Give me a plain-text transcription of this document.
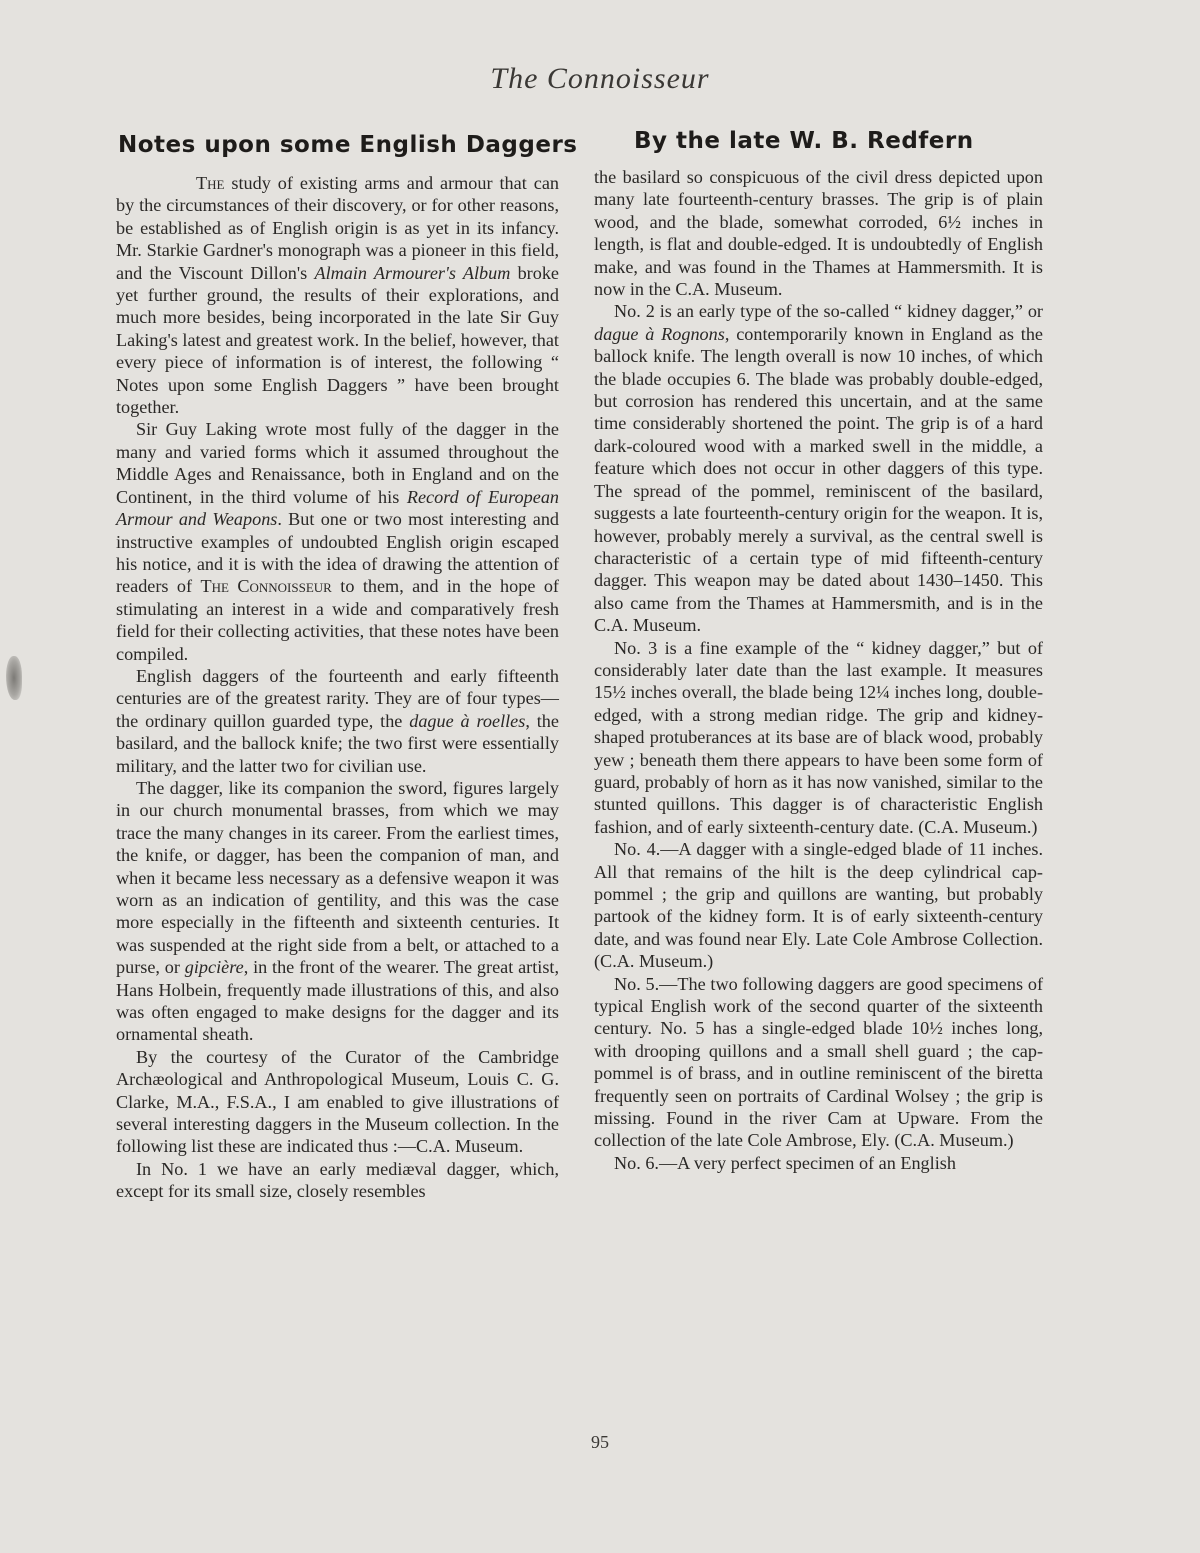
The Connoisseur
Notes upon some English Daggers By the late W. B. Redfern

The study of existing arms and armour that can by the circumstances of their discovery, or for other reasons, be established as of English origin is as yet in its infancy. Mr. Starkie Gardner's monograph was a pioneer in this field, and the Viscount Dillon's Almain Armourer's Album broke yet further ground, the results of their explorations, and much more besides, being incorporated in the late Sir Guy Laking's latest and greatest work. In the belief, however, that every piece of information is of interest, the following “ Notes upon some English Daggers ” have been brought together.

Sir Guy Laking wrote most fully of the dagger in the many and varied forms which it assumed throughout the Middle Ages and Renaissance, both in England and on the Continent, in the third volume of his Record of European Armour and Weapons. But one or two most interesting and instructive examples of undoubted English origin escaped his notice, and it is with the idea of drawing the attention of readers of The Connoisseur to them, and in the hope of stimulating an interest in a wide and comparatively fresh field for their collecting activities, that these notes have been compiled.

English daggers of the fourteenth and early fifteenth centuries are of the greatest rarity. They are of four types—the ordinary quillon guarded type, the dague à roelles, the basilard, and the ballock knife; the two first were essentially military, and the latter two for civilian use.

The dagger, like its companion the sword, figures largely in our church monumental brasses, from which we may trace the many changes in its career. From the earliest times, the knife, or dagger, has been the companion of man, and when it became less necessary as a defensive weapon it was worn as an indication of gentility, and this was the case more especially in the fifteenth and sixteenth centuries. It was suspended at the right side from a belt, or attached to a purse, or gipcière, in the front of the wearer. The great artist, Hans Holbein, frequently made illustrations of this, and also was often engaged to make designs for the dagger and its ornamental sheath.

By the courtesy of the Curator of the Cambridge Archæological and Anthropological Museum, Louis C. G. Clarke, M.A., F.S.A., I am enabled to give illustrations of several interesting daggers in the Museum collection. In the following list these are indicated thus :—C.A. Museum.

In No. 1 we have an early mediæval dagger, which, except for its small size, closely resembles

the basilard so conspicuous of the civil dress depicted upon many late fourteenth-century brasses. The grip is of plain wood, and the blade, somewhat corroded, 6½ inches in length, is flat and double-edged. It is undoubtedly of English make, and was found in the Thames at Hammersmith. It is now in the C.A. Museum.

No. 2 is an early type of the so-called “ kidney dagger,” or dague à Rognons, contemporarily known in England as the ballock knife. The length overall is now 10 inches, of which the blade occupies 6. The blade was probably double-edged, but corrosion has rendered this uncertain, and at the same time considerably shortened the point. The grip is of a hard dark-coloured wood with a marked swell in the middle, a feature which does not occur in other daggers of this type. The spread of the pommel, reminiscent of the basilard, suggests a late fourteenth-century origin for the weapon. It is, however, probably merely a survival, as the central swell is characteristic of a certain type of mid fifteenth-century dagger. This weapon may be dated about 1430–1450. This also came from the Thames at Hammersmith, and is in the C.A. Museum.

No. 3 is a fine example of the “ kidney dagger,” but of considerably later date than the last example. It measures 15½ inches overall, the blade being 12¼ inches long, double-edged, with a strong median ridge. The grip and kidney-shaped protuberances at its base are of black wood, probably yew ; beneath them there appears to have been some form of guard, probably of horn as it has now vanished, similar to the stunted quillons. This dagger is of characteristic English fashion, and of early sixteenth-century date. (C.A. Museum.)

No. 4.—A dagger with a single-edged blade of 11 inches. All that remains of the hilt is the deep cylindrical cap-pommel ; the grip and quillons are wanting, but probably partook of the kidney form. It is of early sixteenth-century date, and was found near Ely. Late Cole Ambrose Collection. (C.A. Museum.)

No. 5.—The two following daggers are good specimens of typical English work of the second quarter of the sixteenth century. No. 5 has a single-edged blade 10½ inches long, with drooping quillons and a small shell guard ; the cap-pommel is of brass, and in outline reminiscent of the biretta frequently seen on portraits of Cardinal Wolsey ; the grip is missing. Found in the river Cam at Upware. From the collection of the late Cole Ambrose, Ely. (C.A. Museum.)

No. 6.—A very perfect specimen of an English

95
